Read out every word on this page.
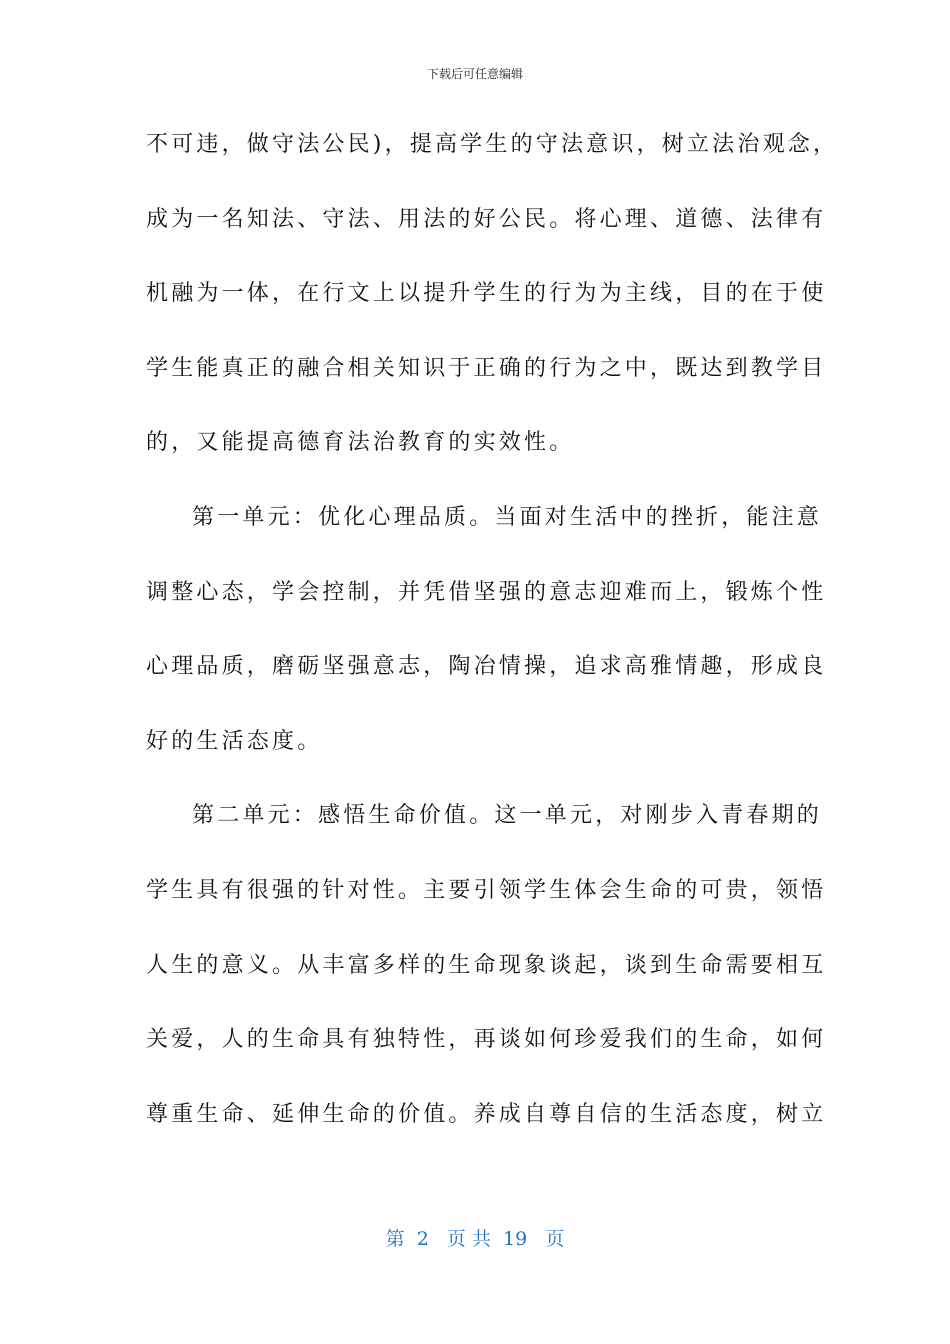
下载后可任意编辑
不可违，做守法公民)，提高学生的守法意识，树立法治观念，
成为一名知法、守法、用法的好公民。将心理、道德、法律有
机融为一体，在行文上以提升学生的行为为主线，目的在于使
学生能真正的融合相关知识于正确的行为之中，既达到教学目
的，又能提高德育法治教育的实效性。
第一单元：优化心理品质。当面对生活中的挫折，能注意
调整心态，学会控制，并凭借坚强的意志迎难而上，锻炼个性
心理品质，磨砺坚强意志，陶冶情操，追求高雅情趣，形成良
好的生活态度。
第二单元：感悟生命价值。这一单元，对刚步入青春期的
学生具有很强的针对性。主要引领学生体会生命的可贵，领悟
人生的意义。从丰富多样的生命现象谈起，谈到生命需要相互
关爱，人的生命具有独特性，再谈如何珍爱我们的生命，如何
尊重生命、延伸生命的价值。养成自尊自信的生活态度，树立
第  2   页 共  19   页
